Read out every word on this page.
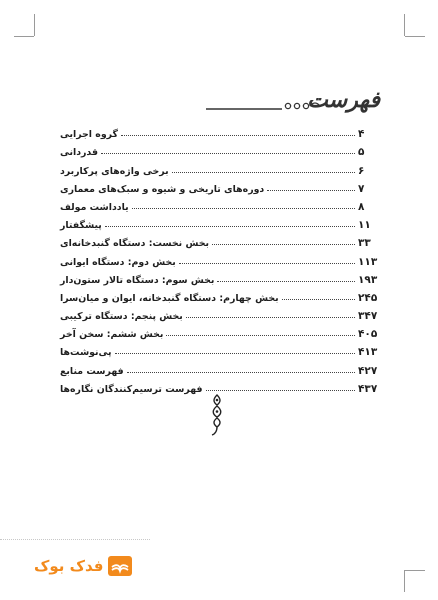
فهرست
گروه اجرایی	۴
قدردانی	۵
برخی واژه‌های پرکاربرد	۶
دوره‌های تاریخی و شیوه و سبک‌های معماری	۷
یادداشت مولف	۸
پیشگفتار	۱۱
بخش نخست: دستگاه گنبدخانه‌ای	۳۳
بخش دوم: دستگاه ایوانی	۱۱۳
بخش سوم: دستگاه تالار ستون‌دار	۱۹۳
بخش چهارم: دستگاه گنبدخانه، ایوان و میان‌سرا	۲۴۵
بخش پنجم: دستگاه ترکیبی	۳۴۷
بخش ششم: سخن آخر	۴۰۵
پی‌نوشت‌ها	۴۱۳
فهرست منابع	۴۲۷
فهرست ترسیم‌کنندگان نگاره‌ها	۴۳۷
فدک بوک
